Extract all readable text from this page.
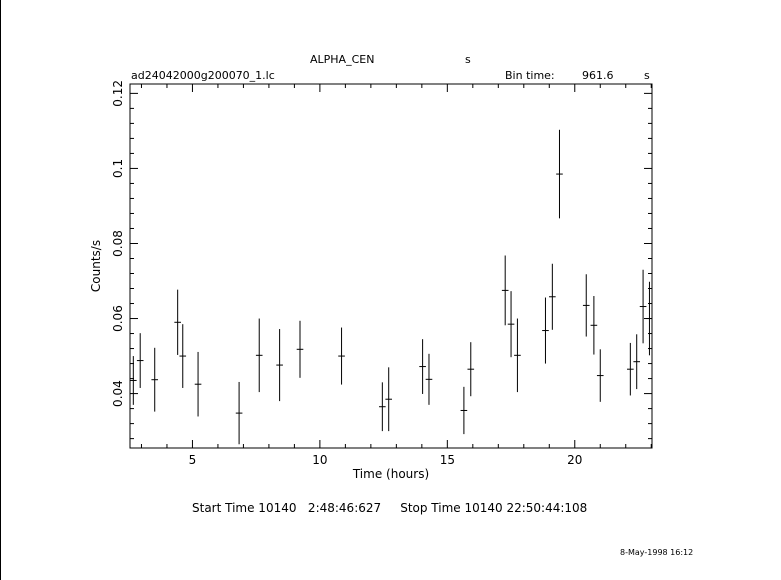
ALPHA_CEN	s
ad24042000g200070_1.lc	Bin time: 961.6	s
5	10	15	20
0.04
0.06
0.08
0.1
0.12
Time (hours)
Counts/s
Start Time 10140   2:48:46:627     Stop Time 10140 22:50:44:108
8-May-1998 16:12
